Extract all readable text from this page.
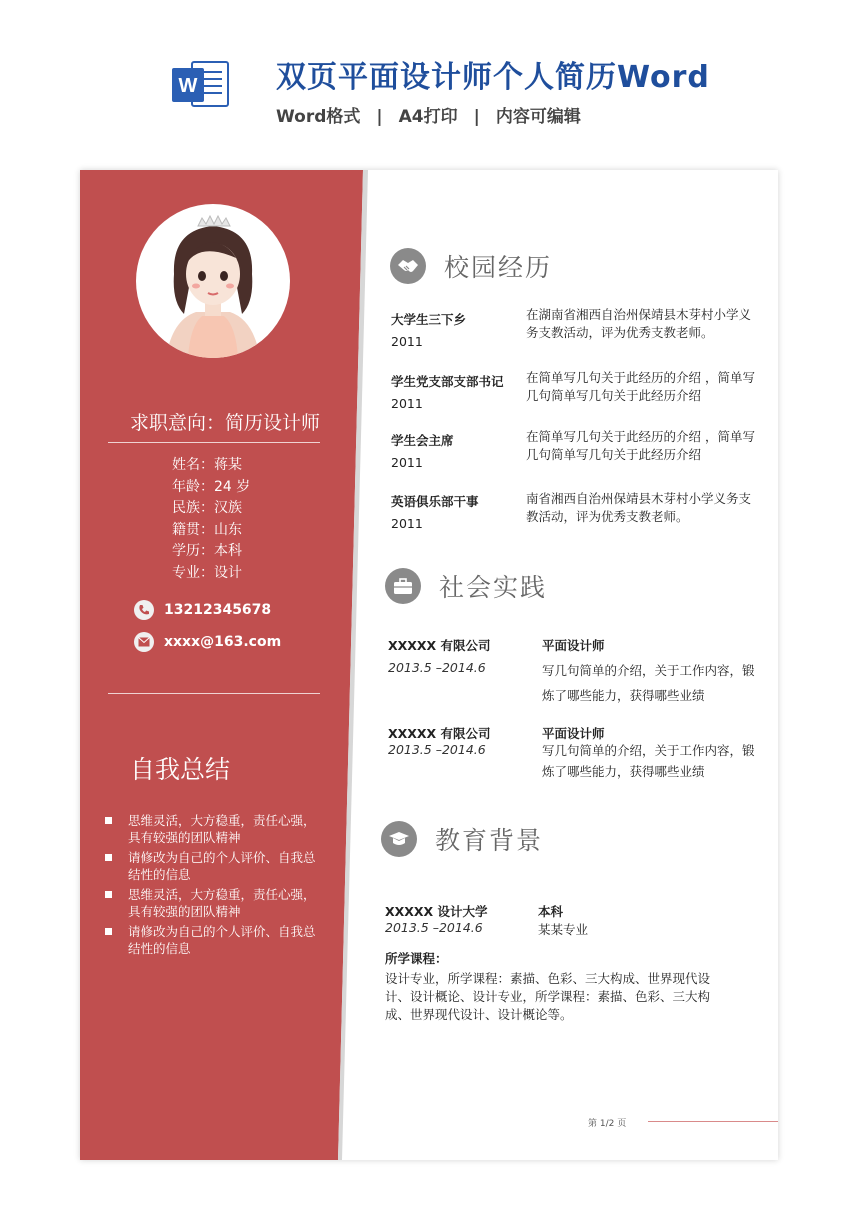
W	双页平面设计师个人简历Word
Word格式 | A4打印 | 内容可编辑
求职意向：简历设计师
姓名：蒋某
年龄：24 岁
民族：汉族
籍贯：山东
学历：本科
专业：设计
13212345678
xxxx@163.com
自我总结
思维灵活，大方稳重，责任心强，具有较强的团队精神
请修改为自己的个人评价、自我总结性的信息
思维灵活，大方稳重，责任心强，具有较强的团队精神
请修改为自己的个人评价、自我总结性的信息
校园经历
大学生三下乡
2011
在湖南省湘西自治州保靖县木芽村小学义务支教活动，评为优秀支教老师。
学生党支部支部书记
2011
在简单写几句关于此经历的介绍 ，简单写几句简单写几句关于此经历介绍
学生会主席
2011
在简单写几句关于此经历的介绍 ，简单写几句简单写几句关于此经历介绍
英语俱乐部干事
2011
南省湘西自治州保靖县木芽村小学义务支教活动，评为优秀支教老师。
社会实践
XXXXX 有限公司
2013.5 –2014.6
平面设计师
写几句简单的介绍，关于工作内容，锻炼了哪些能力，获得哪些业绩
XXXXX 有限公司
2013.5 –2014.6
平面设计师
写几句简单的介绍，关于工作内容，锻炼了哪些能力，获得哪些业绩
教育背景
XXXXX 设计大学
2013.5 –2014.6
本科
某某专业
所学课程：
设计专业，所学课程：素描、色彩、三大构成、世界现代设计、设计概论、设计专业，所学课程：素描、色彩、三大构成、世界现代设计、设计概论等。
第 1/2 页
